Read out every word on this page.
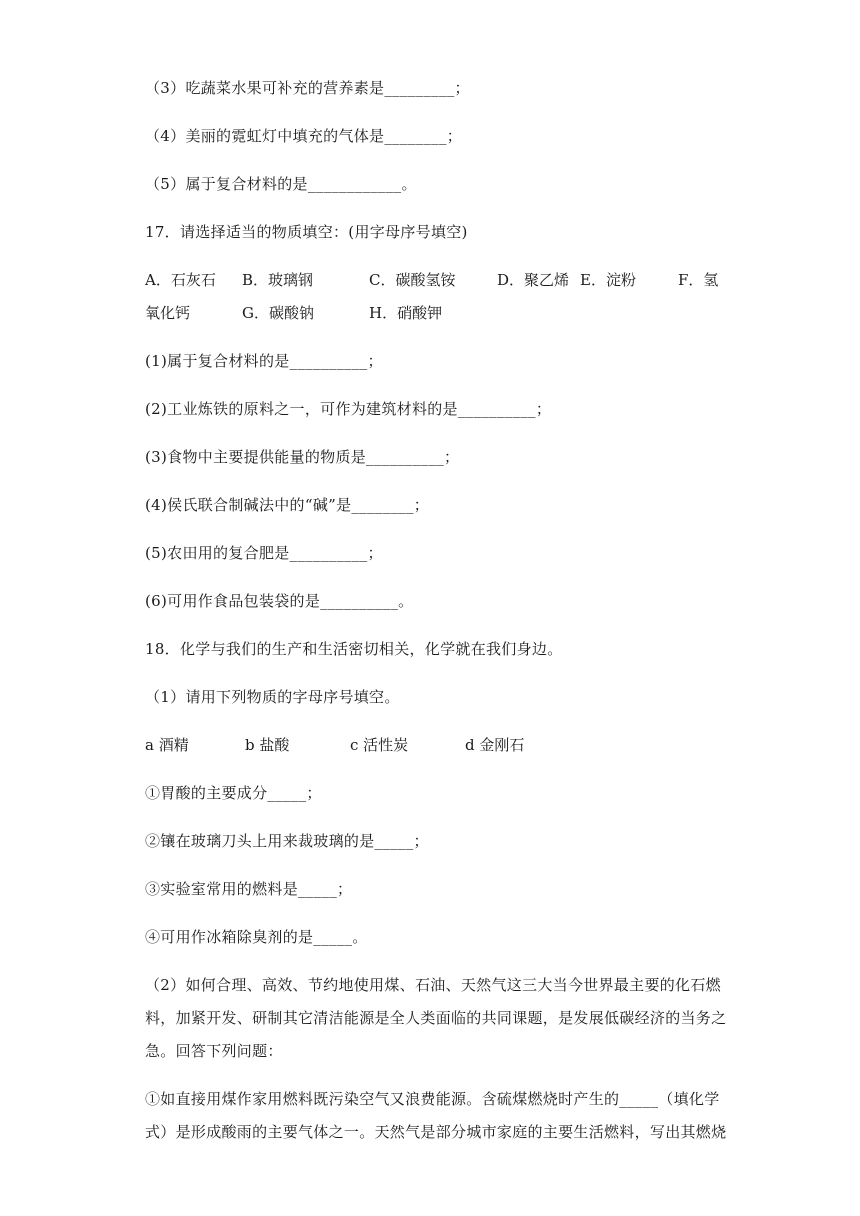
（3）吃蔬菜水果可补充的营养素是_________；
（4）美丽的霓虹灯中填充的气体是________；
（5）属于复合材料的是____________。
17．请选择适当的物质填空：(用字母序号填空)
A．石灰石 B．玻璃钢	C．碳酸氢铵	D．聚乙烯 E．淀粉	F．氢
氧化钙	G．碳酸钠	H．硝酸钾
(1)属于复合材料的是__________；
(2)工业炼铁的原料之一，可作为建筑材料的是__________；
(3)食物中主要提供能量的物质是__________；
(4)侯氏联合制碱法中的“碱”是________；
(5)农田用的复合肥是__________；
(6)可用作食品包装袋的是__________。
18．化学与我们的生产和生活密切相关，化学就在我们身边。
（1）请用下列物质的字母序号填空。
a 酒精	b 盐酸	c 活性炭	d 金刚石
①胃酸的主要成分_____；
②镶在玻璃刀头上用来裁玻璃的是_____；
③实验室常用的燃料是_____；
④可用作冰箱除臭剂的是_____。
（2）如何合理、高效、节约地使用煤、石油、天然气这三大当今世界最主要的化石燃
料，加紧开发、研制其它清洁能源是全人类面临的共同课题，是发展低碳经济的当务之
急。回答下列问题：
①如直接用煤作家用燃料既污染空气又浪费能源。含硫煤燃烧时产生的_____（填化学
式）是形成酸雨的主要气体之一。天然气是部分城市家庭的主要生活燃料，写出其燃烧
